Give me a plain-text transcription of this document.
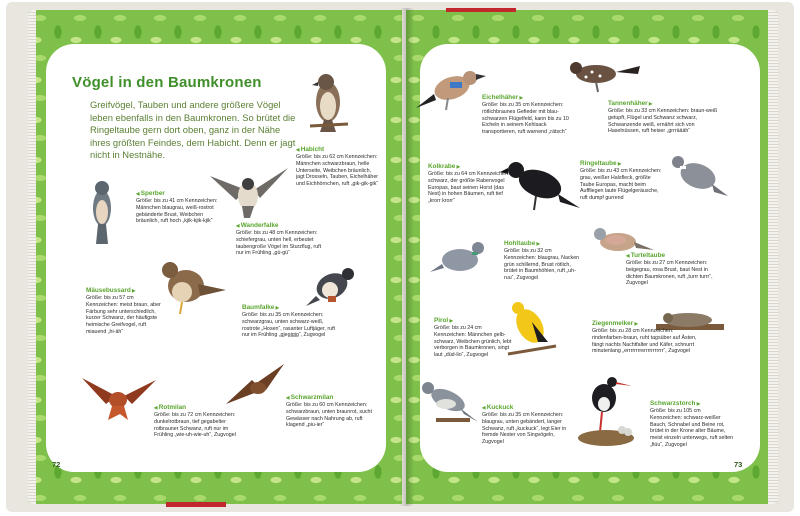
Vögel in den Baumkronen
Greifvögel, Tauben und andere größere Vögel leben ebenfalls in den Baumkronen. So brütet die Ringeltaube gern dort oben, ganz in der Nähe ihres größten Feindes, dem Habicht. Denn er jagt nicht in Nestnähe.
◀	Habicht
Größe: bis zu 62 cm Kennzeichen: Männchen schwarzbraun, helle Unterseite, Weibchen bräunlich, jagt Drosseln, Tauben, Eichelhäher und Eichhörnchen, ruft „gik-gik-gik“
◀ Sperber
Größe: bis zu 41 cm Kennzeichen: Männchen blaugrau, weiß-rostrot gebänderte Brust, Weibchen bräunlich, ruft hoch „kjik-kjik-kjik“
◀ Wanderfalke
Größe: bis zu 48 cm Kennzeichen: schiefergrau, unten hell, erbeutet taubengroße Vögel im Sturzflug, ruft nur im Frühling „gü-gü“
Mäusebussard ▶
Größe: bis zu 57 cm Kennzeichen: meist braun, aber Färbung sehr unterschiedlich, kurzer Schwanz, der häufigste heimische Greifvogel, ruft miauend „hi-äh“
Baumfalke ▶
Größe: bis zu 35 cm Kennzeichen: schwarzgrau, unten schwarz-weiß, rostrote „Hosen“, rasanter Luftjäger, ruft nur im Frühling „gjegjgjg“, Zugvogel
◀ Rotmilan
Größe: bis zu 72 cm Kennzeichen: dunkelrotbraun, tief gegabelter rotbrauner Schwanz, ruft nur im Frühling „wie-uh-wie-uh“, Zugvogel
◀ Schwarzmilan
Größe: bis zu 60 cm Kennzeichen: schwarzbraun, unten braunrot, sucht Gewässer nach Nahrung ab, ruft klagend „piu-ier“
72
Eichelhäher ▶
Größe: bis zu 35 cm Kennzeichen: rötlichbraunes Gefieder mit blau-schwarzen Flügelfeld, kann bis zu 10 Eicheln in seinem Kehlsack transportieren, ruft warnend „rätsch“
Tannenhäher ▶
Größe: bis zu 33 cm Kennzeichen: braun-weiß getupft, Flügel und Schwanz schwarz, Schwanzende weiß, ernährt sich von Haselnüssen, ruft heiser „grrräääh“
Kolkrabe ▶
Größe: bis zu 64 cm Kennzeichen: schwarz, der größte Rabenvogel Europas, baut seinen Horst (das Nest) in hohen Bäumen, ruft tief „krorr krorr“
Ringeltaube ▶
Größe: bis zu 43 cm Kennzeichen: grau, weißer Halsfleck, größte Taube Europas, macht beim Auffliegen laute Flügelgeräusche, ruft dumpf gurrend
Hohltaube ▶
Größe: bis zu 32 cm Kennzeichen: blaugrau, Nacken grün schillernd, Brust rötlich, brütet in Baumhöhlen, ruft „uh-ruu“, Zugvogel
◀ Turteltaube
Größe: bis zu 27 cm Kennzeichen: beigegrau, rosa Brust, baut Nest in dichten Baumkronen, ruft „turrr turrr“, Zugvogel
Pirol ▶
Größe: bis zu 24 cm Kennzeichen: Männchen gelb-schwarz, Weibchen grünlich, lebt verborgen in Baumkronen, singt laut „düd-lio“, Zugvogel
Ziegenmelker ▶
Größe: bis zu 28 cm Kennzeichen: rindenfarben-braun, ruht tagsüber auf Ästen, fängt nachts Nachtfalter und Käfer, schnurrt minutenlang „errrrrrrrerrrrrrrrrrr“, Zugvogel
◀ Kuckuck
Größe: bis zu 35 cm Kennzeichen: blaugrau, unten gebändert, langer Schwanz, ruft „kuckuck“, legt Eier in fremde Nester von Singvögeln, Zugvogel
Schwarzstorch ▶
Größe: bis zu 105 cm Kennzeichen: schwarz-weißer Bauch, Schnabel und Beine rot, brütet in der Krone alter Bäume, meist einzeln unterwegs, ruft selten „fiüu“, Zugvogel
73
